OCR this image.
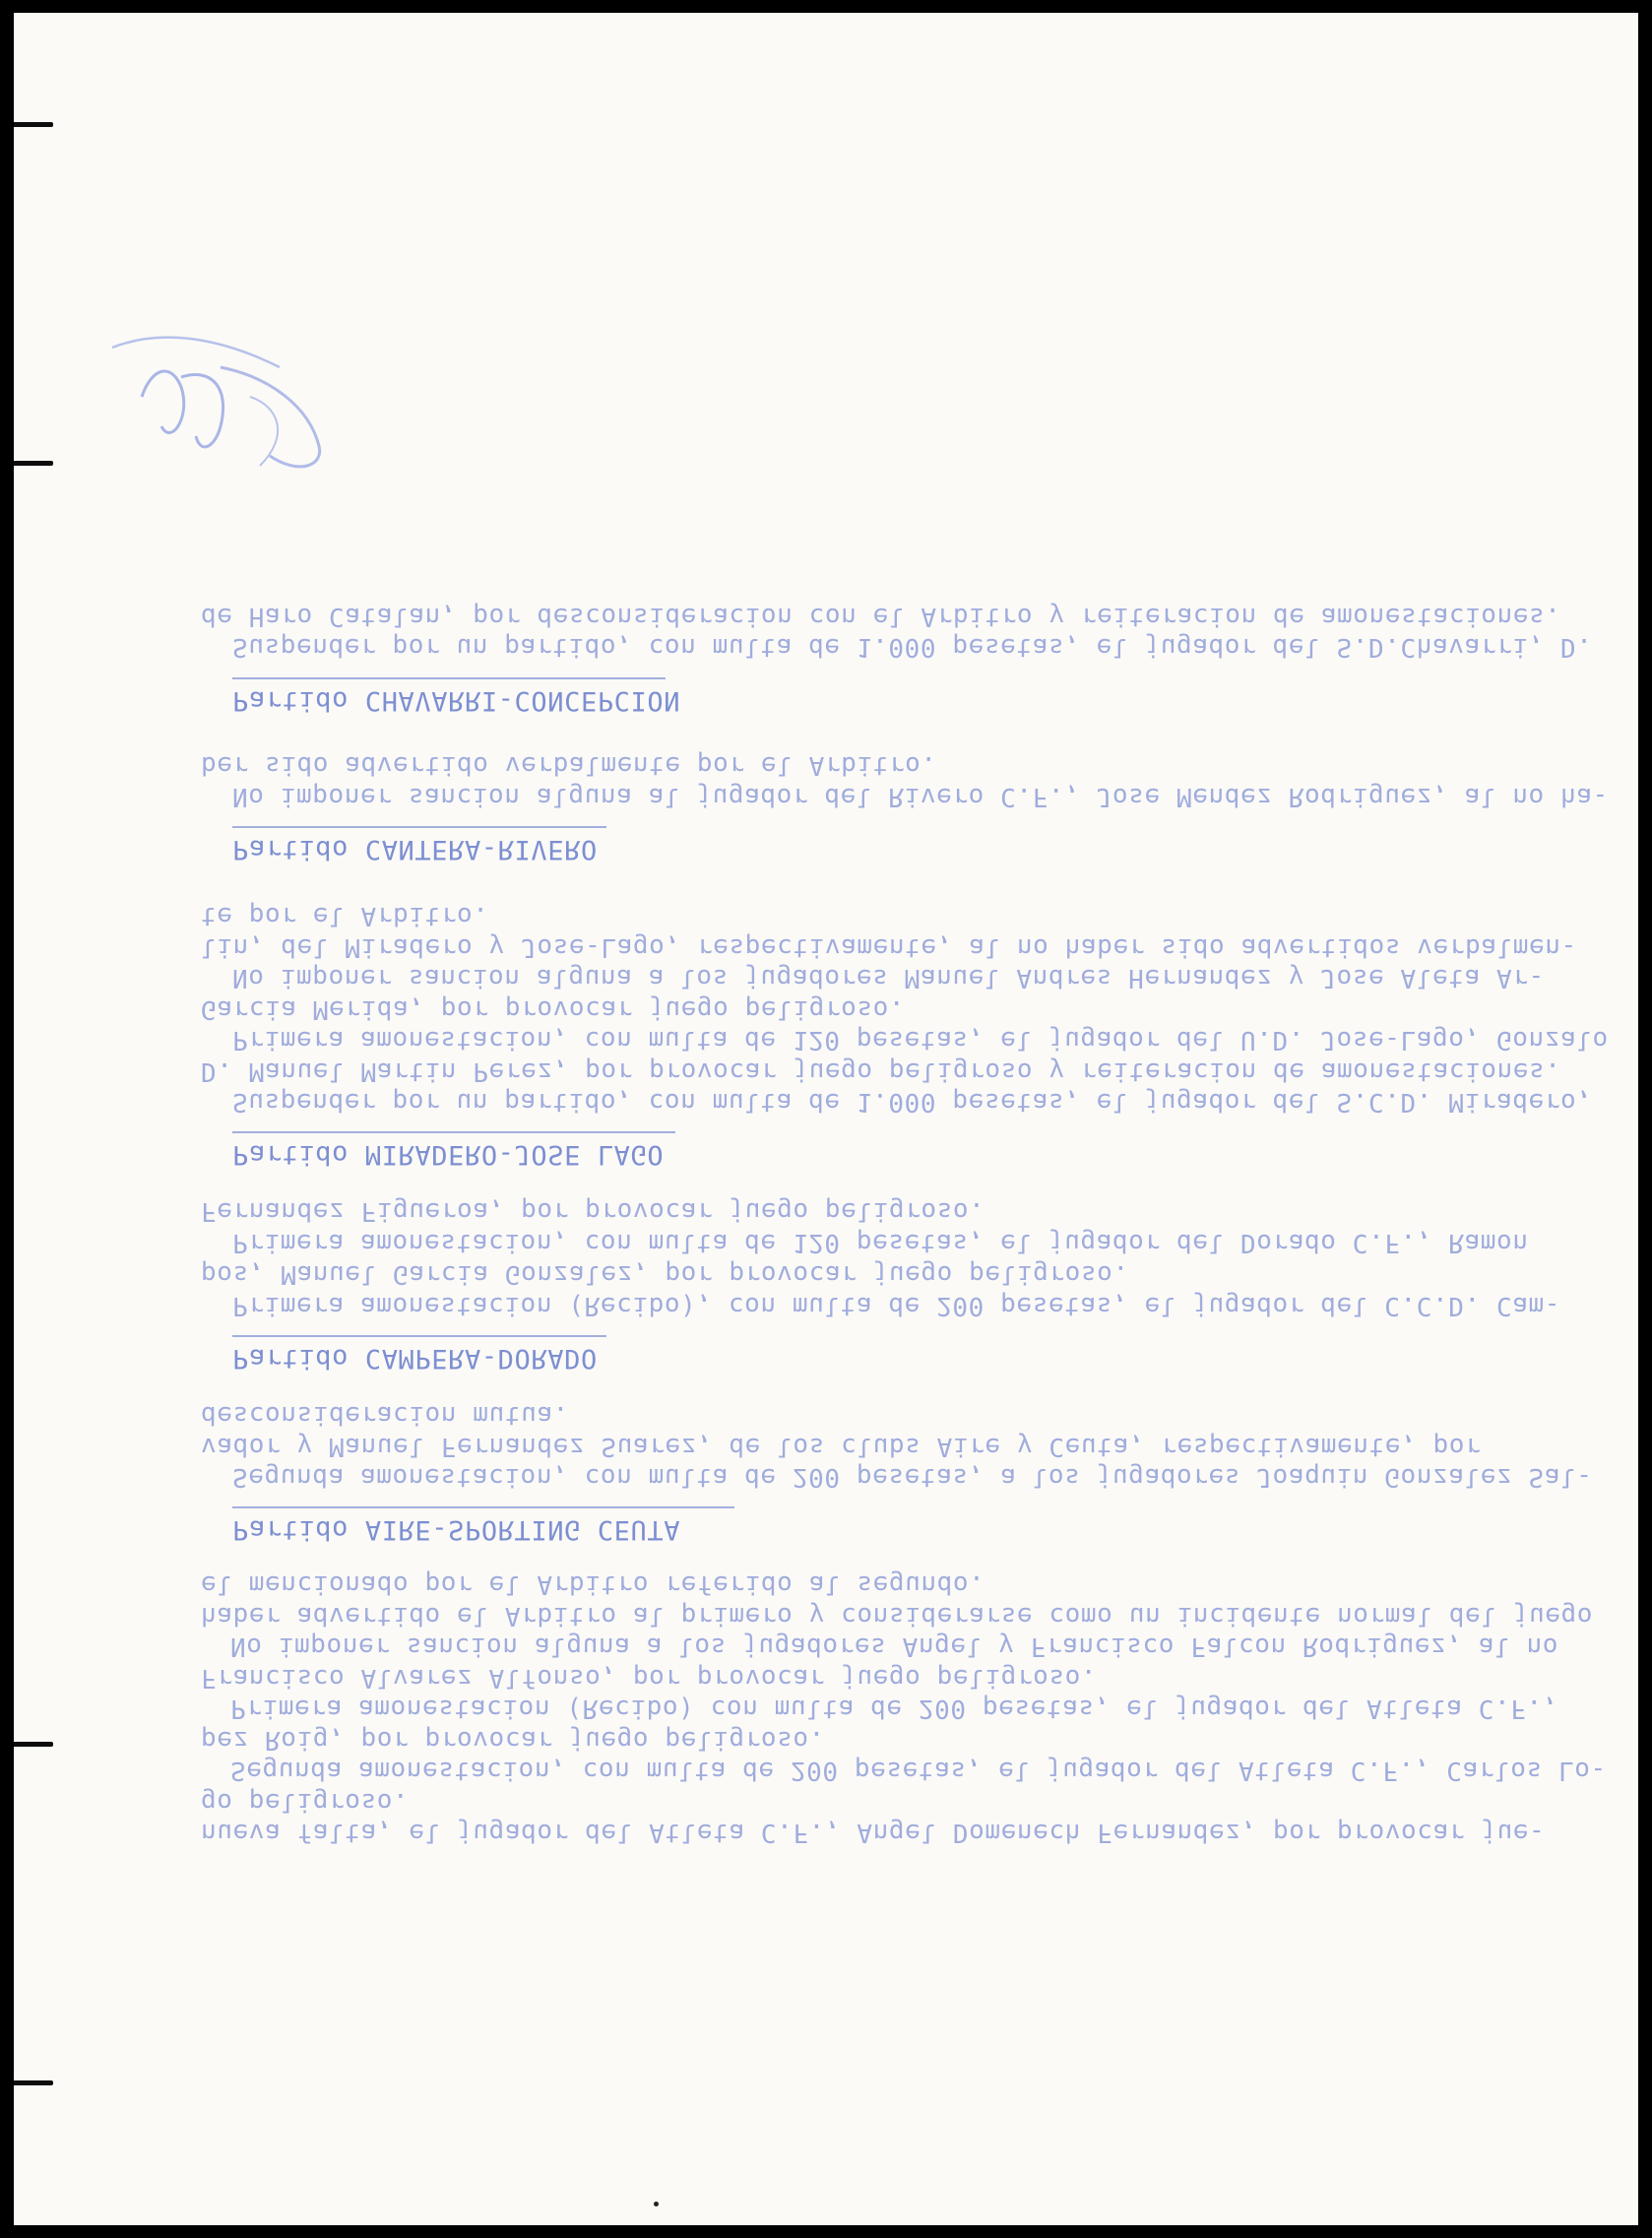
nueva falta, el jugador del Atleta C.F., Angel Domenech Fernandez, por provocar jue-
go peligroso.
Segunda amonestacion, con multa de 200 pesetas, el jugador del Atleta C.F., Carlos Lo-
pez Roig, por provocar juego peligroso.
Primera amonestacion (Recibo) con multa de 200 pesetas, el jugador del Atleta C.F.,
Francisco Alvarez Alfonso, por provocar juego peligroso.
No imponer sancion alguna a los jugadores Angel y Francisco Falcon Rodriguez, al no
haber advertido el Arbitro al primero y considerarse como un incidente normal del juego
el mencionado por el Arbitro referido al segundo.
Partido AIRE-SPORTING CEUTA
Segunda amonestacion, con multa de 200 pesetas, a los jugadores Joaquin Gonzalez Sal-
vador y Manuel Fernandez Suarez, de los clubs Aire y Ceuta, respectivamente, por
desconsideracion mutua.
Partido CAMPERA-DORADO
Primera amonestacion (Recibo), con multa de 200 pesetas, el jugador del C.C.D. Cam-
pos, Manuel Garcia Gonzalez, por provocar juego peligroso.
Primera amonestacion, con multa de 120 pesetas, el jugador del Dorado C.F., Ramon
Fernandez Figueroa, por provocar juego peligroso.
Partido MIRADERO-JOSE LAGO
Suspender por un partido, con multa de 1.000 pesetas, el jugador del S.C.D. Miradero,
D. Manuel Martin Perez, por provocar juego peligroso y reiteracion de amonestaciones.
Primera amonestacion, con multa de 120 pesetas, el jugador del U.D. Jose-Lago, Gonzalo
Garcia Merida, por provocar juego peligroso.
No imponer sancion alguna a los jugadores Manuel Andres Hernandez y Jose Aleta Ar-
lin, del Miradero y Jose-Lago, respectivamente, al no haber sido advertidos verbalmen-
te por el Arbitro.
Partido CANTERA-RIVERO
No imponer sancion alguna al jugador del Rivero C.F., Jose Mendez Rodriguez, al no ha-
ber sido advertido verbalmente por el Arbitro.
Partido CHAVARRI-CONCEPCION
Suspender por un partido, con multa de 1.000 pesetas, el jugador del S.D.Chavarri, D.
de Haro Catalan, por desconsideracion con el Arbitro y reiteracion de amonestaciones.
